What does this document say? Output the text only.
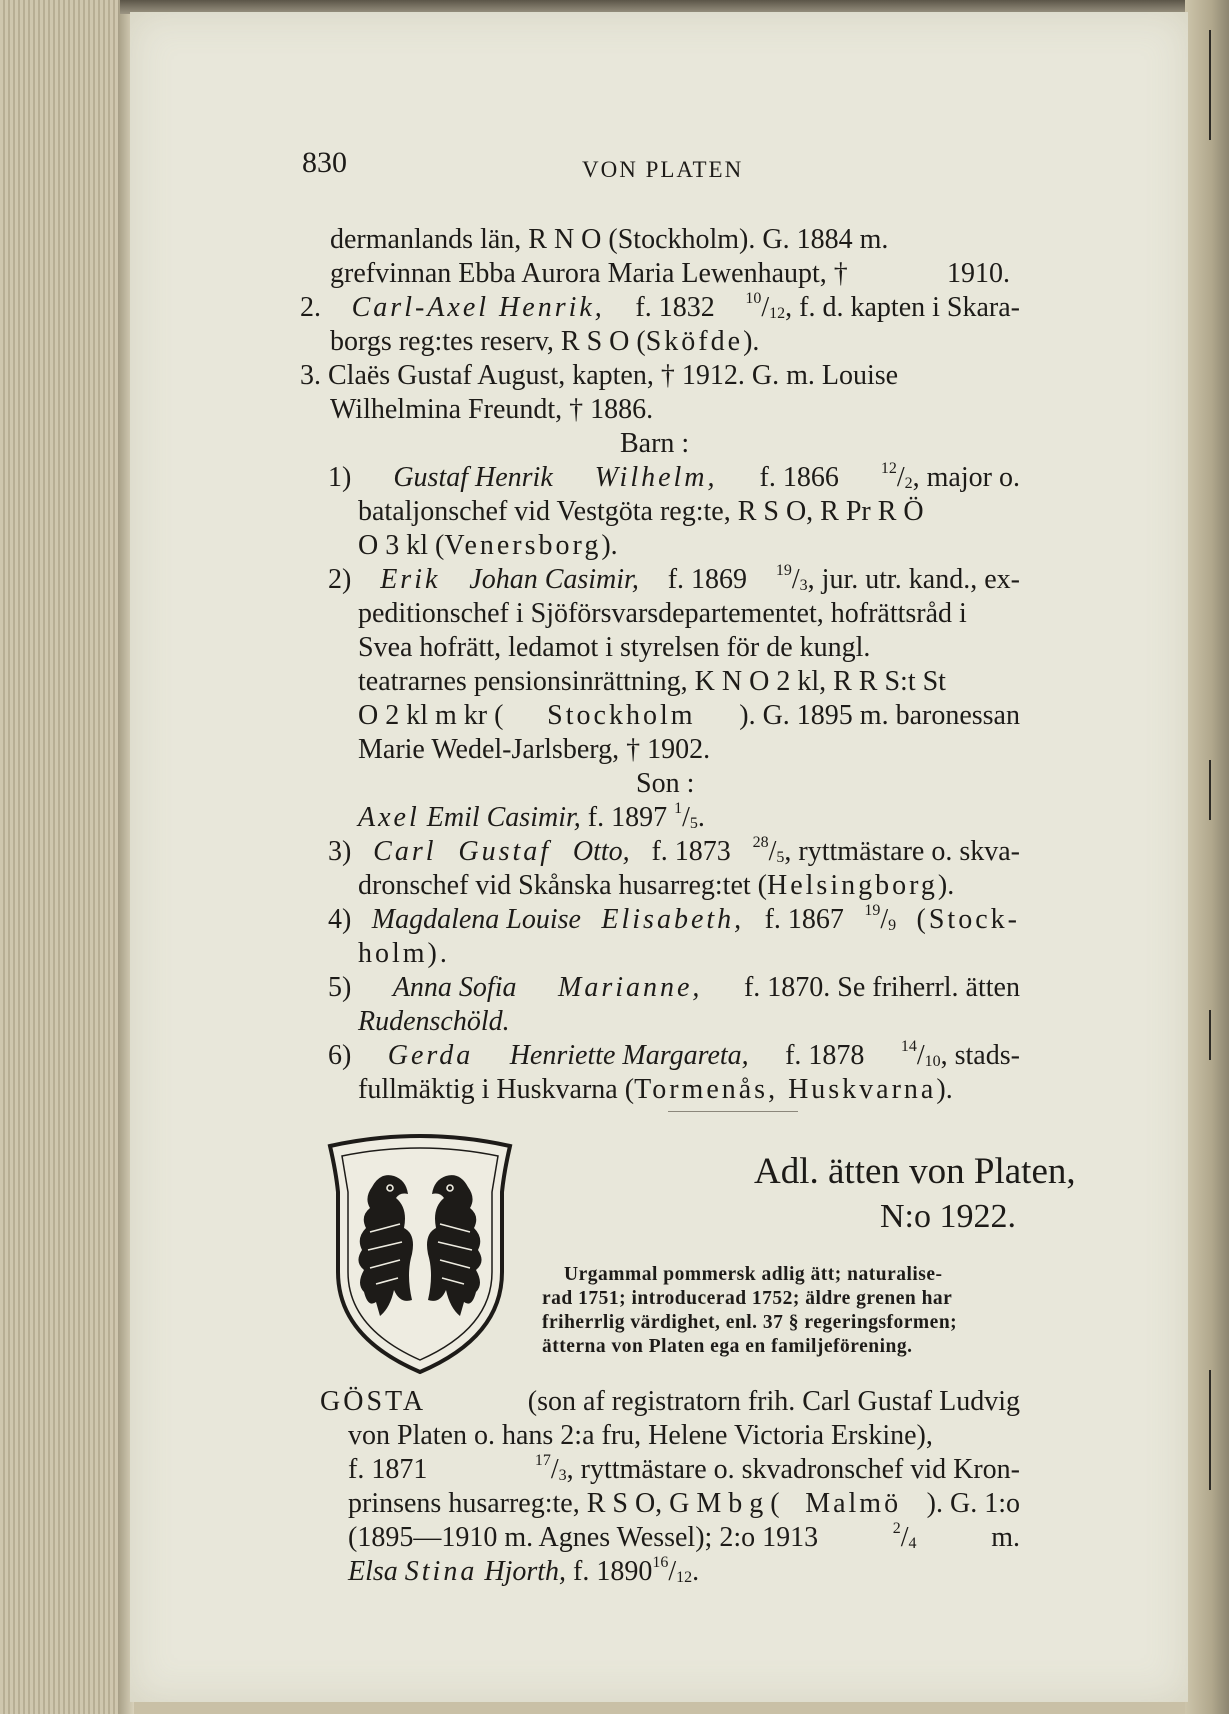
830	VON PLATEN
dermanlands län, R N O (Stockholm). G. 1884 m.
grefvinnan Ebba Aurora Maria Lewenhaupt, †	1910.
2. Carl-Axel Henrik, f. 1832 $^{10}/_{12}$, f. d. kapten i Skara-
borgs reg:tes reserv, R S O (Sköfde).
3. Claës Gustaf August, kapten, † 1912. G. m. Louise
Wilhelmina Freundt, † 1886.
Barn :
1) Gustaf Henrik Wilhelm, f. 1866	$^{12}/_2$, major o.
bataljonschef vid Vestgöta reg:te, R S O, R Pr R Ö
O 3 kl (Venersborg).
2) Erik Johan Casimir, f. 1869 $^{19}/_3$, jur. utr. kand., ex-
peditionschef i Sjöförsvarsdepartementet, hofrättsråd i
Svea hofrätt, ledamot i styrelsen för de kungl.
teatrarnes pensionsinrättning, K N O 2 kl, R R S:t St
O 2 kl m kr ( Stockholm ). G. 1895 m. baronessan
Marie Wedel-Jarlsberg, † 1902.
Son :
Axel Emil Casimir, f. 1897 $^1/_5$.
3) Carl Gustaf Otto, f. 1873 $^{28}/_5$, ryttmästare o. skva-
dronschef vid Skånska husarreg:tet (Helsingborg).
4) Magdalena Louise Elisabeth, f. 1867 $^{19}/_9$ (Stock-
holm).
5) Anna Sofia Marianne, f. 1870. Se friherrl. ätten
Rudenschöld.
6) Gerda Henriette Margareta, f. 1878 $^{14}/_{10}$, stads-
fullmäktig i Huskvarna (Tormenås, Huskvarna).
Adl. ätten von Platen,
N:o 1922.
Urgammal pommersk adlig ätt; naturalise-
rad 1751; introducerad 1752; äldre grenen har
friherrlig värdighet, enl. 37 § regeringsformen;
ätterna von Platen ega en familjeförening.
GÖSTA	(son af registratorn frih. Carl Gustaf Ludvig
von Platen o. hans 2:a fru, Helene Victoria Erskine),
f. 1871	$^{17}/_3$, ryttmästare o. skvadronschef vid Kron-
prinsens husarreg:te, R S O, G M b g ( Malmö ). G. 1:o
(1895—1910 m. Agnes Wessel); 2:o 1913	$^2/_4$	m.
Elsa Stina Hjorth, f. $1890^{16}/_{12}$.
